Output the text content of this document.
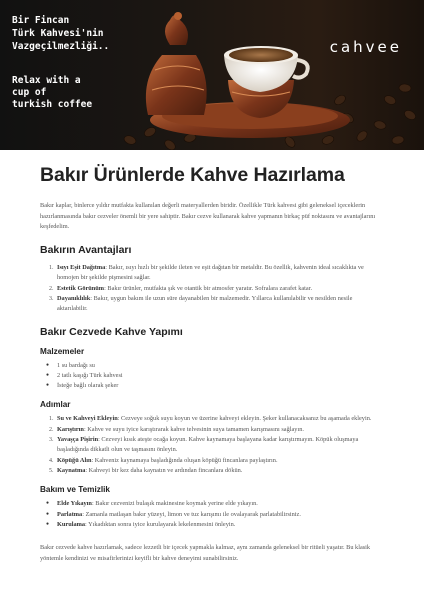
Bir Fincan
Türk Kahvesi'nin
Vazgeçilmezliği..
Relax with a
cup of
turkish coffee
cahvee
Bakır Ürünlerde Kahve Hazırlama

Bakır kaplar, binlerce yıldır mutfakta kullanılan değerli materyallerden biridir. Özellikle Türk kahvesi gibi geleneksel içeceklerin hazırlanmasında bakır cezveler önemli bir yere sahiptir. Bakır cezve kullanarak kahve yapmanın birkaç püf noktasını ve avantajlarını keşfedelim.

Bakırın Avantajları
1. Isıyı Eşit Dağıtma: Bakır, ısıyı hızlı bir şekilde ileten ve eşit dağıtan bir metaldir. Bu özellik, kahvenin ideal sıcaklıkta ve homojen bir şekilde pişmesini sağlar.
2. Estetik Görünüm: Bakır ürünler, mutfakta şık ve otantik bir atmosfer yaratır. Sofralara zarafet katar.
3. Dayanıklılık: Bakır, uygun bakım ile uzun süre dayanabilen bir malzemedir. Yıllarca kullanılabilir ve nesilden nesile aktarılabilir.
Bakır Cezvede Kahve Yapımı
Malzemeler
● 1 su bardağı su
● 2 tatlı kaşığı Türk kahvesi
● İsteğe bağlı olarak şeker
Adımlar
1. Su ve Kahveyi Ekleyin: Cezveye soğuk suyu koyun ve üzerine kahveyi ekleyin. Şeker kullanacaksanız bu aşamada ekleyin.
2. Karıştırın: Kahve ve suyu iyice karıştırarak kahve telvesinin suya tamamen karışmasını sağlayın.
3. Yavaşça Pişirin: Cezveyi kısık ateşte ocağa koyun. Kahve kaynamaya başlayana kadar karıştırmayın. Köpük oluşmaya başladığında dikkatli olun ve taşmasını önleyin.
4. Köpüğü Alın: Kahveniz kaynamaya başladığında oluşan köpüğü fincanlara paylaştırın.
5. Kaynatma: Kahveyi bir kez daha kaynatın ve ardından fincanlara dökün.
Bakım ve Temizlik
● Elde Yıkayın: Bakır cezvenizi bulaşık makinesine koymak yerine elde yıkayın.
● Parlatma: Zamanla matlaşan bakır yüzeyi, limon ve tuz karışımı ile ovalayarak parlatabilirsiniz.
● Kurulama: Yıkadıktan sonra iyice kurulayarak lekelenmesini önleyin.

Bakır cezvede kahve hazırlamak, sadece lezzetli bir içecek yapmakla kalmaz, aynı zamanda geleneksel bir ritüeli yaşatır. Bu klasik yöntemle kendinizi ve misafirlerinizi keyifli bir kahve deneyimi sunabilirsiniz.
